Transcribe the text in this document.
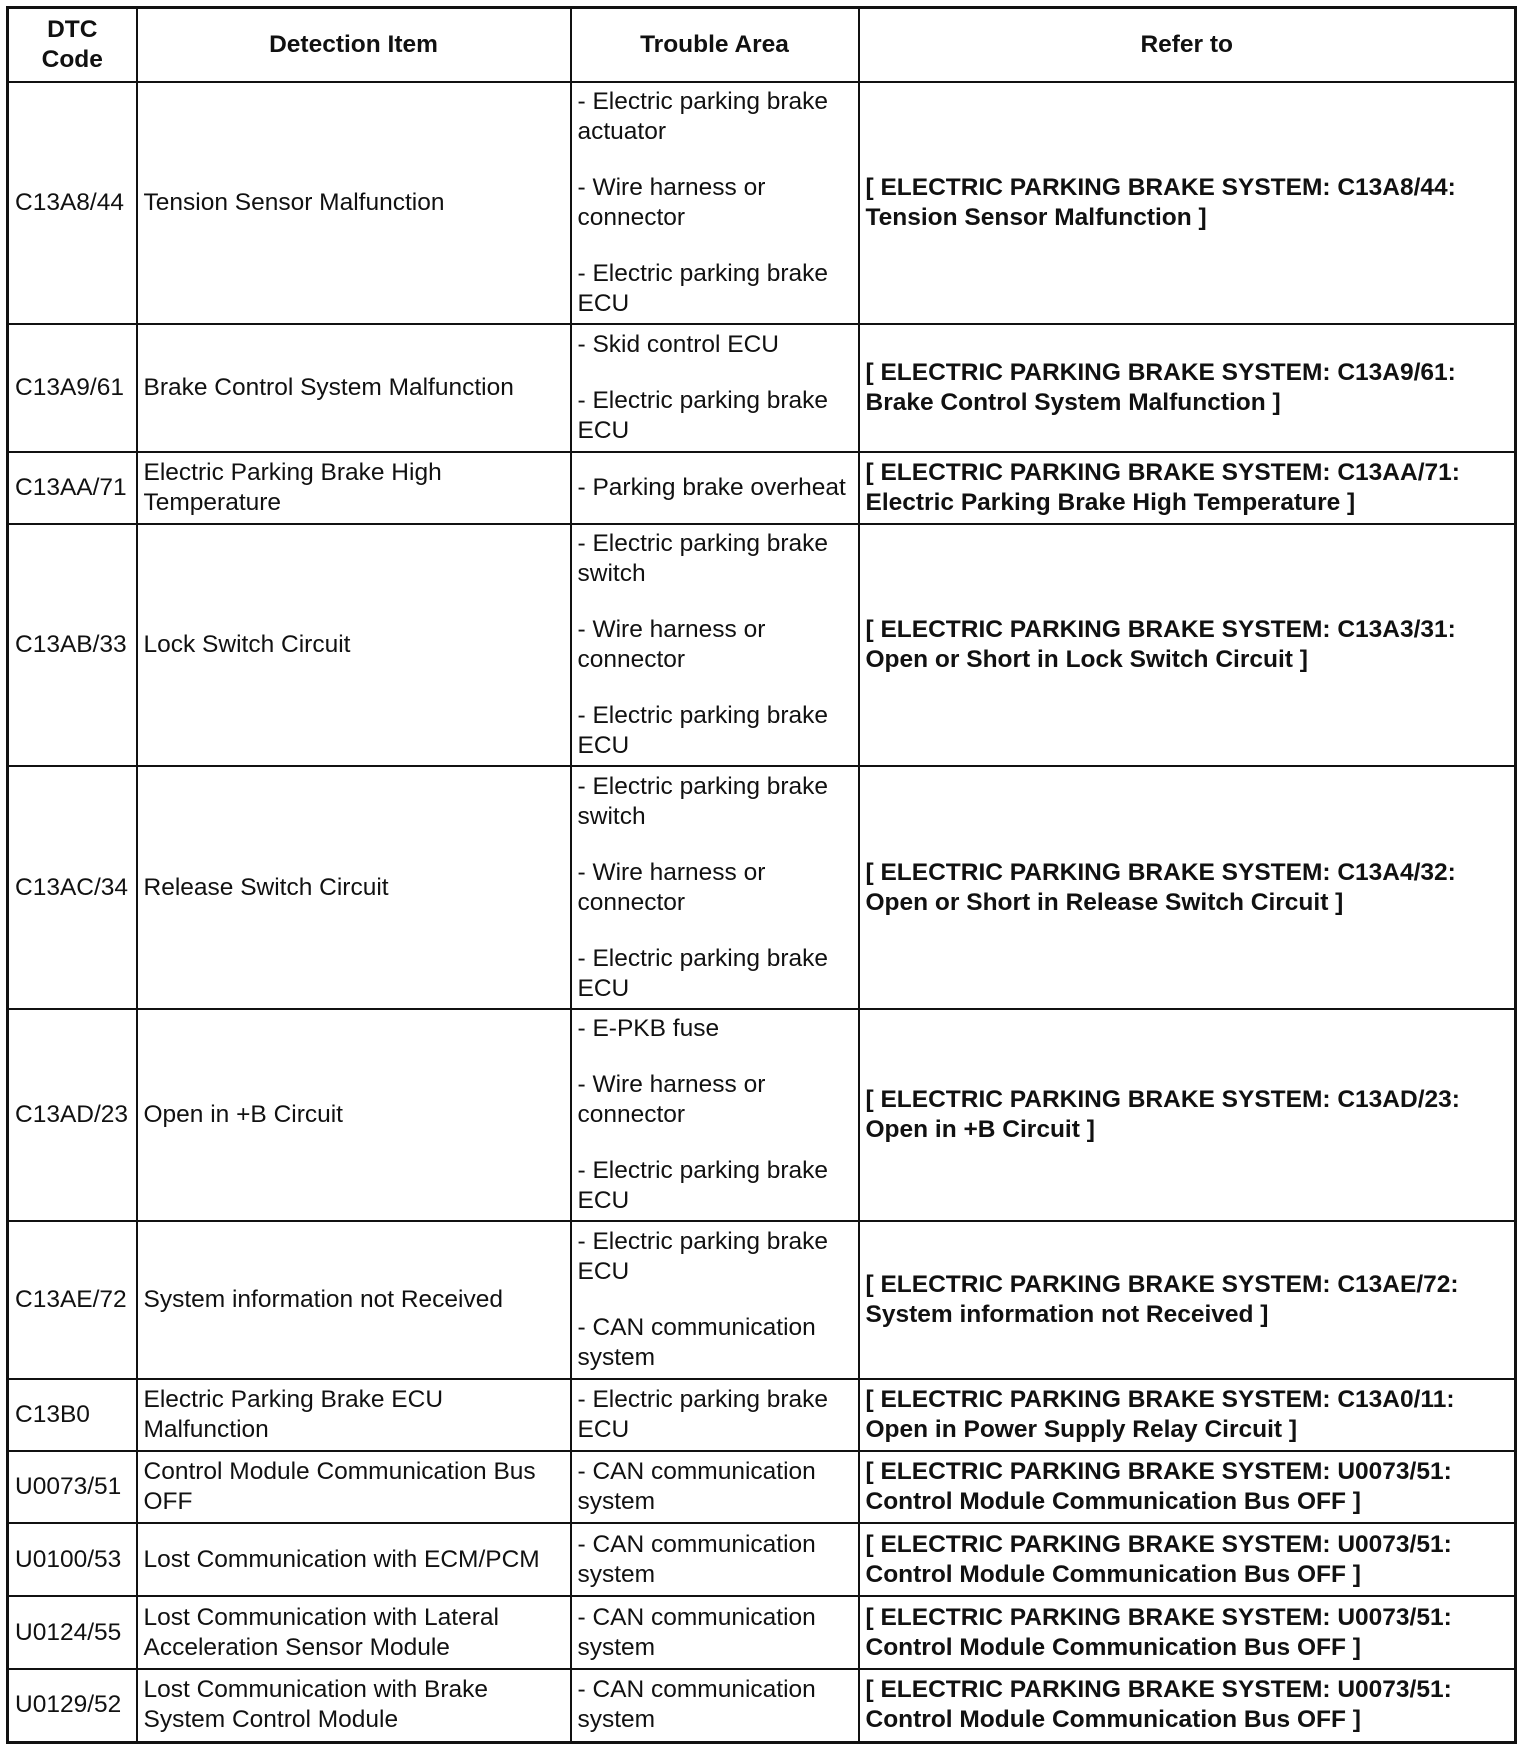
DTC Code	Detection Item	Trouble Area	Refer to
C13A8/44	Tension Sensor Malfunction	- Electric parking brake actuator
- Wire harness or connector
- Electric parking brake ECU	[ ELECTRIC PARKING BRAKE SYSTEM: C13A8/44: Tension Sensor Malfunction ]
C13A9/61	Brake Control System Malfunction	- Skid control ECU
- Electric parking brake ECU	[ ELECTRIC PARKING BRAKE SYSTEM: C13A9/61: Brake Control System Malfunction ]
C13AA/71	Electric Parking Brake High Temperature	- Parking brake overheat	[ ELECTRIC PARKING BRAKE SYSTEM: C13AA/71: Electric Parking Brake High Temperature ]
C13AB/33	Lock Switch Circuit	- Electric parking brake switch
- Wire harness or connector
- Electric parking brake ECU	[ ELECTRIC PARKING BRAKE SYSTEM: C13A3/31: Open or Short in Lock Switch Circuit ]
C13AC/34	Release Switch Circuit	- Electric parking brake switch
- Wire harness or connector
- Electric parking brake ECU	[ ELECTRIC PARKING BRAKE SYSTEM: C13A4/32: Open or Short in Release Switch Circuit ]
C13AD/23	Open in +B Circuit	- E-PKB fuse
- Wire harness or connector
- Electric parking brake ECU	[ ELECTRIC PARKING BRAKE SYSTEM: C13AD/23: Open in +B Circuit ]
C13AE/72	System information not Received	- Electric parking brake ECU
- CAN communication system	[ ELECTRIC PARKING BRAKE SYSTEM: C13AE/72: System information not Received ]
C13B0	Electric Parking Brake ECU Malfunction	- Electric parking brake ECU	[ ELECTRIC PARKING BRAKE SYSTEM: C13A0/11: Open in Power Supply Relay Circuit ]
U0073/51	Control Module Communication Bus OFF	- CAN communication system	[ ELECTRIC PARKING BRAKE SYSTEM: U0073/51: Control Module Communication Bus OFF ]
U0100/53	Lost Communication with ECM/PCM	- CAN communication system	[ ELECTRIC PARKING BRAKE SYSTEM: U0073/51: Control Module Communication Bus OFF ]
U0124/55	Lost Communication with Lateral Acceleration Sensor Module	- CAN communication system	[ ELECTRIC PARKING BRAKE SYSTEM: U0073/51: Control Module Communication Bus OFF ]
U0129/52	Lost Communication with Brake System Control Module	- CAN communication system	[ ELECTRIC PARKING BRAKE SYSTEM: U0073/51: Control Module Communication Bus OFF ]
